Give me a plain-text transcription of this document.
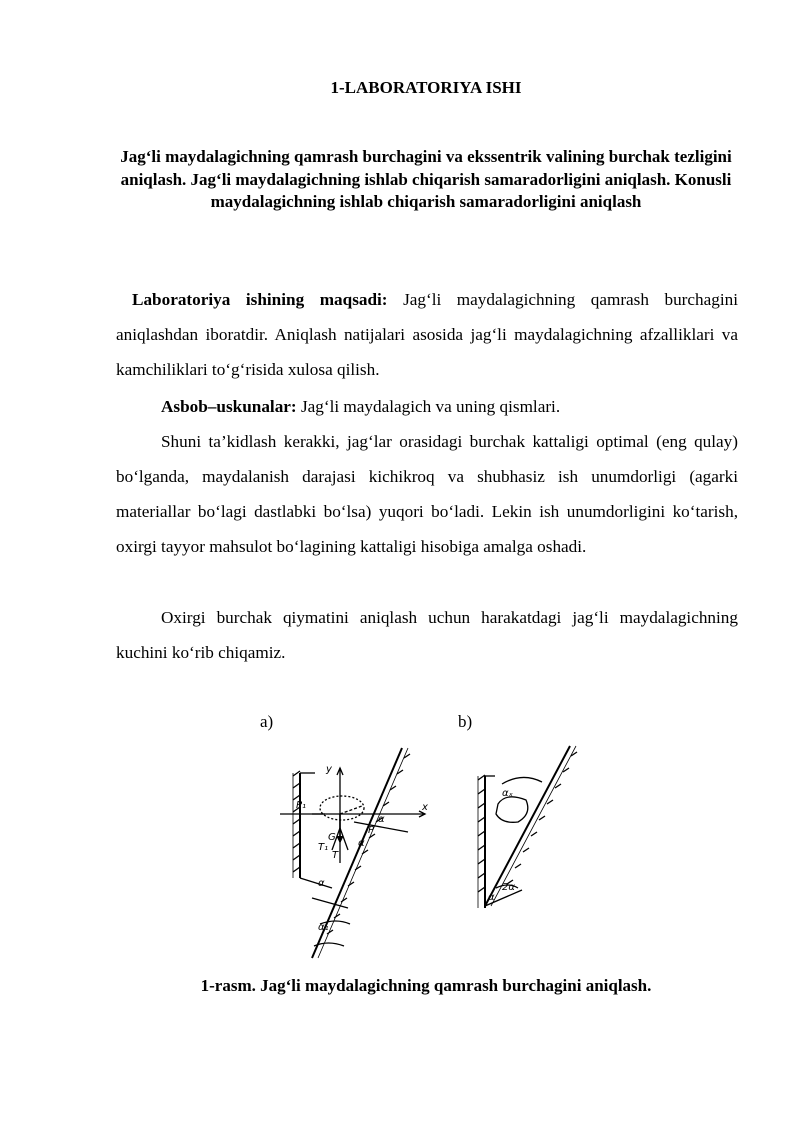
1-LABORATORIYA ISHI
Jag‘li maydalagichning qamrash burchagini va ekssentrik valining burchak tezligini aniqlash. Jag‘li maydalagichning ishlab chiqarish samaradorligini aniqlash. Konusli maydalagichning ishlab chiqarish samaradorligini aniqlash

Laboratoriya ishining maqsadi: Jag‘li maydalagichning qamrash burchagini aniqlashdan iboratdir. Aniqlash natijalari asosida jag‘li maydalagichning afzalliklari va kamchiliklari to‘g‘risida xulosa qilish.

Asbob–uskunalar: Jag‘li maydalagich va uning qismlari.

Shuni ta’kidlash kerakki, jag‘lar orasidagi burchak kattaligi optimal (eng qulay) bo‘lganda, maydalanish darajasi kichikroq va shubhasiz ish unumdorligi (agarki materiallar bo‘lagi dastlabki bo‘lsa) yuqori bo‘ladi. Lekin ish unumdorligini ko‘tarish, oxirgi tayyor mahsulot bo‘lagining kattaligi hisobiga amalga oshadi.

Oxirgi burchak qiymatini aniqlash uchun harakatdagi jag‘li maydalagichning kuchini ko‘rib chiqamiz.

a)	b)
y
x
P₁
G
T₁
T
P
α
α
α
α₁
αₓ
2α
α
1-rasm. Jag‘li maydalagichning qamrash burchagini aniqlash.
